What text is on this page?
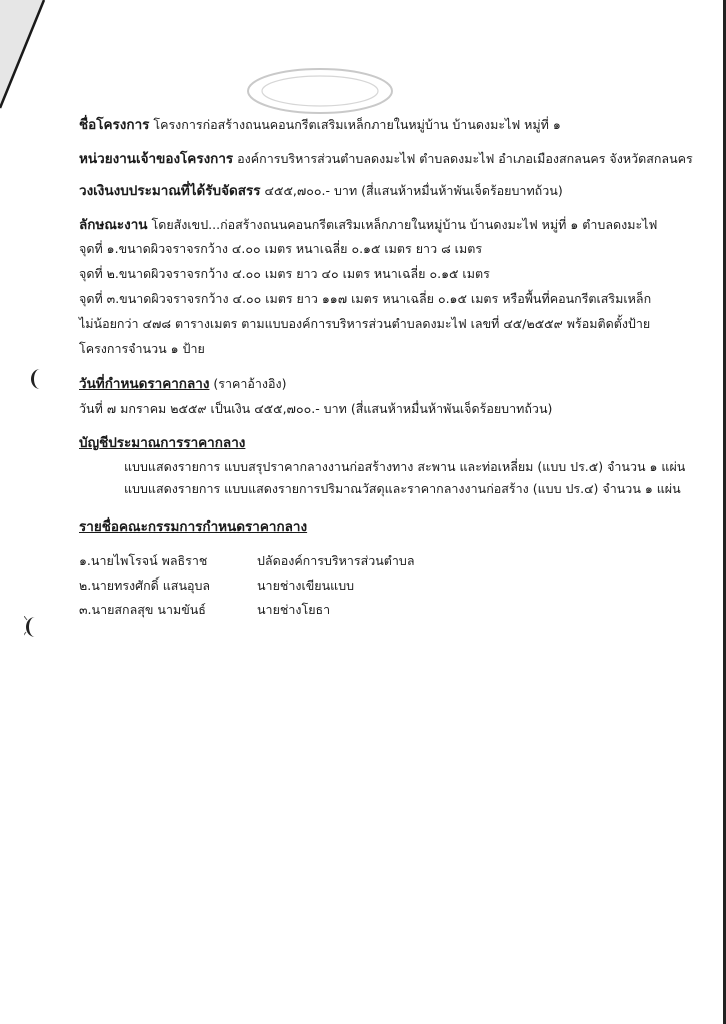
ชื่อโครงการ โครงการก่อสร้างถนนคอนกรีตเสริมเหล็กภายในหมู่บ้าน บ้านดงมะไฟ หมู่ที่ ๑
หน่วยงานเจ้าของโครงการ องค์การบริหารส่วนตำบลดงมะไฟ ตำบลดงมะไฟ อำเภอเมืองสกลนคร จังหวัดสกลนคร
วงเงินงบประมาณที่ได้รับจัดสรร ๔๕๕,๗๐๐.- บาท (สี่แสนห้าหมื่นห้าพันเจ็ดร้อยบาทถ้วน)
ลักษณะงาน โดยสังเขป...ก่อสร้างถนนคอนกรีตเสริมเหล็กภายในหมู่บ้าน บ้านดงมะไฟ หมู่ที่ ๑ ตำบลดงมะไฟ
จุดที่ ๑.ขนาดผิวจราจรกว้าง ๔.๐๐ เมตร หนาเฉลี่ย ๐.๑๕ เมตร ยาว ๘ เมตร
จุดที่ ๒.ขนาดผิวจราจรกว้าง ๔.๐๐ เมตร ยาว ๔๐ เมตร หนาเฉลี่ย ๐.๑๕ เมตร
จุดที่ ๓.ขนาดผิวจราจรกว้าง ๔.๐๐ เมตร ยาว ๑๑๗ เมตร หนาเฉลี่ย ๐.๑๕ เมตร หรือพื้นที่คอนกรีตเสริมเหล็ก
ไม่น้อยกว่า ๔๗๘ ตารางเมตร ตามแบบองค์การบริหารส่วนตำบลดงมะไฟ เลขที่ ๔๕/๒๕๕๙ พร้อมติดตั้งป้าย
โครงการจำนวน ๑ ป้าย
วันที่กำหนดราคากลาง (ราคาอ้างอิง)
วันที่ ๗ มกราคม ๒๕๕๙ เป็นเงิน ๔๕๕,๗๐๐.- บาท (สี่แสนห้าหมื่นห้าพันเจ็ดร้อยบาทถ้วน)
บัญชีประมาณการราคากลาง
แบบแสดงรายการ แบบสรุปราคากลางงานก่อสร้างทาง สะพาน และท่อเหลี่ยม (แบบ ปร.๕) จำนวน ๑ แผ่น
แบบแสดงรายการ แบบแสดงรายการปริมาณวัสดุและราคากลางงานก่อสร้าง (แบบ ปร.๔) จำนวน ๑ แผ่น
รายชื่อคณะกรรมการกำหนดราคากลาง
๑.นายไพโรจน์ พลธิราช	ปลัดองค์การบริหารส่วนตำบล
๒.นายทรงศักดิ์ แสนอุบล	นายช่างเขียนแบบ
๓.นายสกลสุข นามขันธ์	นายช่างโยธา
